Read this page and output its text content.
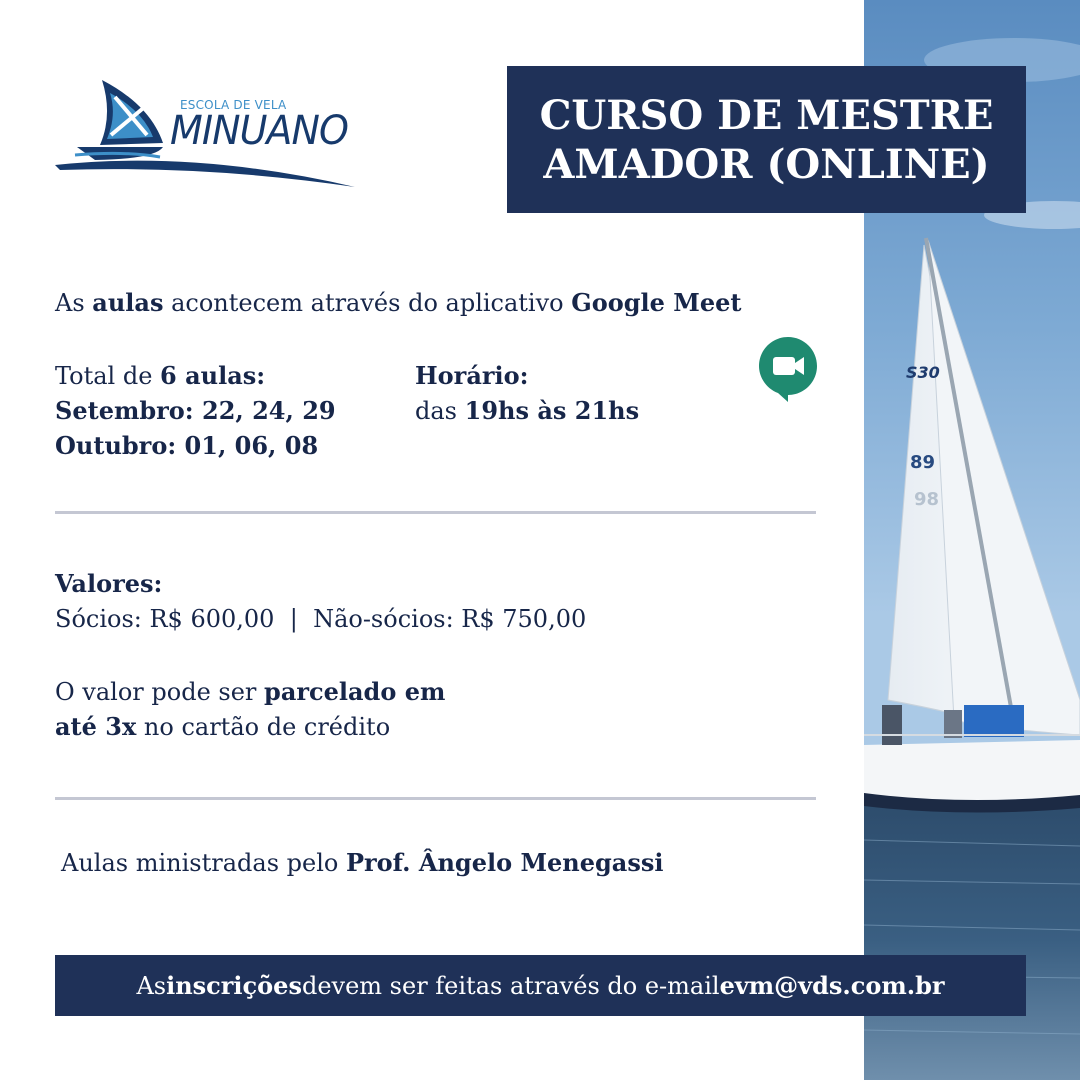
S30
89
98
ESCOLA DE VELA
MINUANO	CURSO DE MESTRE
AMADOR (ONLINE)
As aulas acontecem através do aplicativo Google Meet
Total de 6 aulas:
Setembro: 22, 24, 29
Outubro: 01, 06, 08
Horário:
das 19hs às 21hs
Valores:
Sócios: R$ 600,00 | Não-sócios: R$ 750,00
O valor pode ser parcelado em
até 3x no cartão de crédito
Aulas ministradas pelo Prof. Ângelo Menegassi
As inscrições devem ser feitas através do e-mail evm@vds.com.br
